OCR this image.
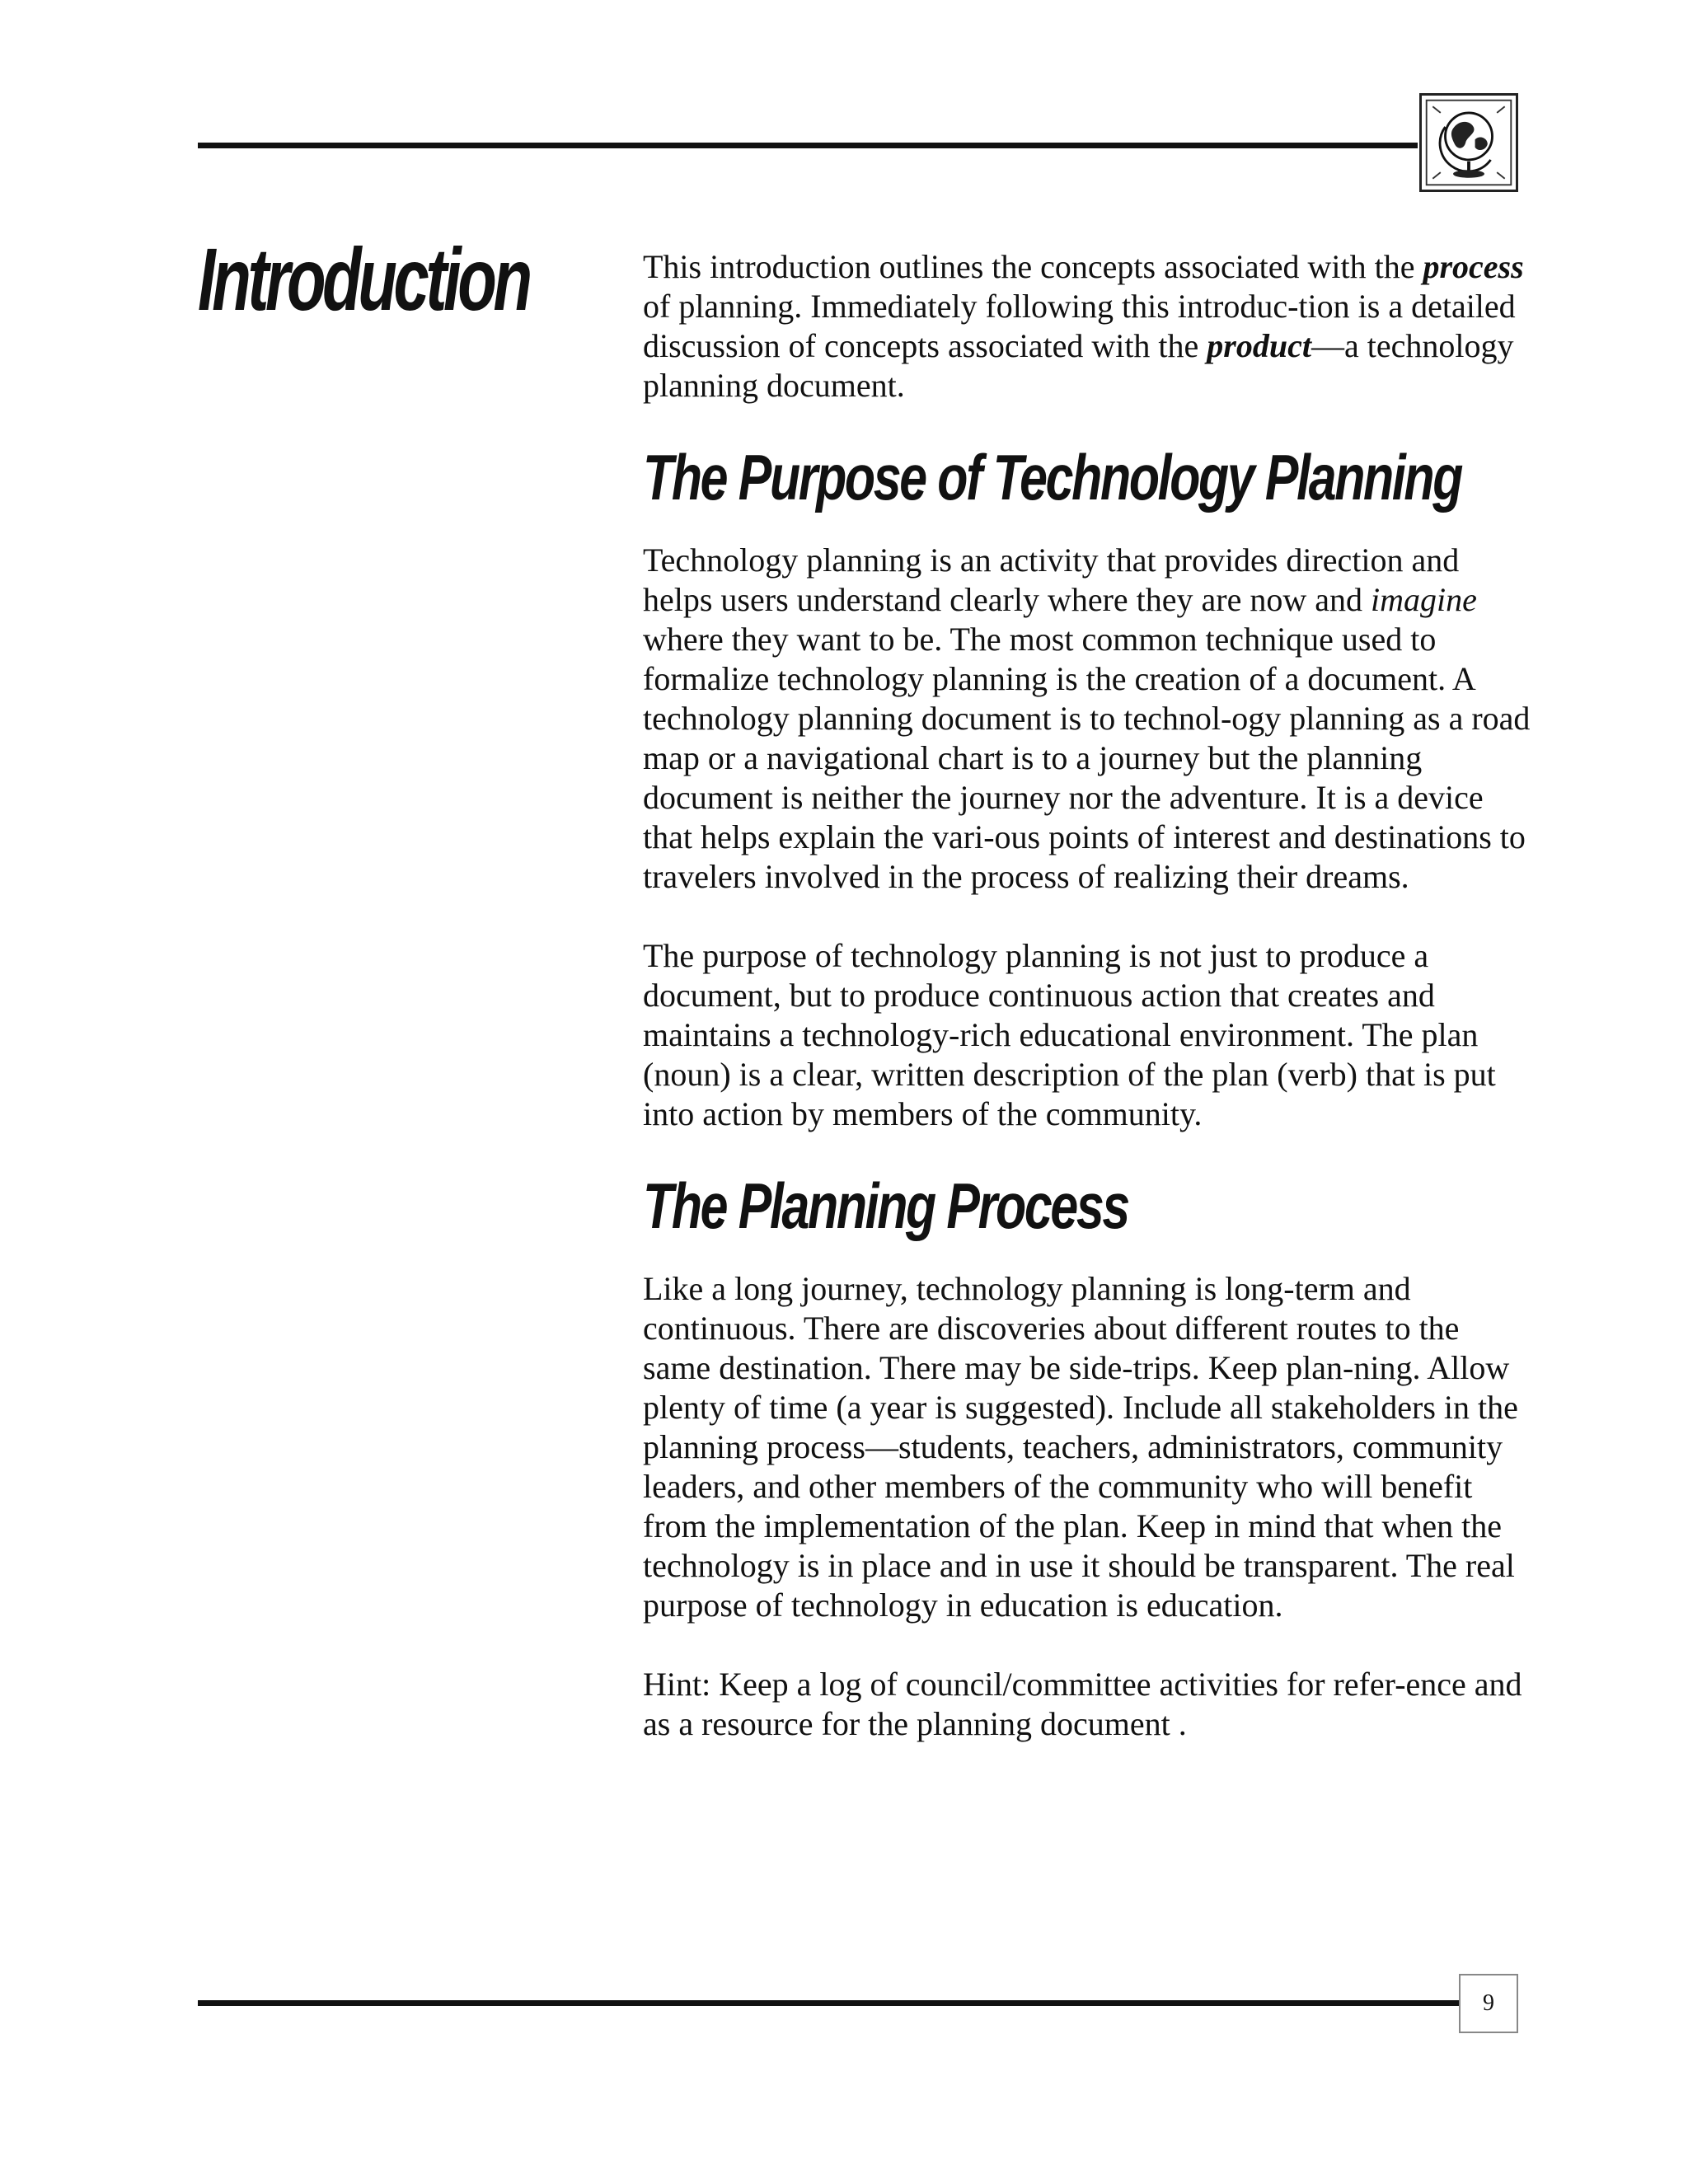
Introduction	This introduction outlines the concepts associated with the process of planning. Immediately following this introduc-tion is a detailed discussion of concepts associated with the product—a technology planning document.

The Purpose of Technology Planning

Technology planning is an activity that provides direction and helps users understand clearly where they are now and imagine where they want to be. The most common technique used to formalize technology planning is the creation of a document. A technology planning document is to technol-ogy planning as a road map or a navigational chart is to a journey but the planning document is neither the journey nor the adventure. It is a device that helps explain the vari-ous points of interest and destinations to travelers involved in the process of realizing their dreams.

The purpose of technology planning is not just to produce a document, but to produce continuous action that creates and maintains a technology-rich educational environment. The plan (noun) is a clear, written description of the plan (verb) that is put into action by members of the community.

The Planning Process

Like a long journey, technology planning is long-term and continuous. There are discoveries about different routes to the same destination. There may be side-trips. Keep plan-ning. Allow plenty of time (a year is suggested). Include all stakeholders in the planning process—students, teachers, administrators, community leaders, and other members of the community who will benefit from the implementation of the plan. Keep in mind that when the technology is in place and in use it should be transparent. The real purpose of technology in education is education.

Hint: Keep a log of council/committee activities for refer-ence and as a resource for the planning document .

9
